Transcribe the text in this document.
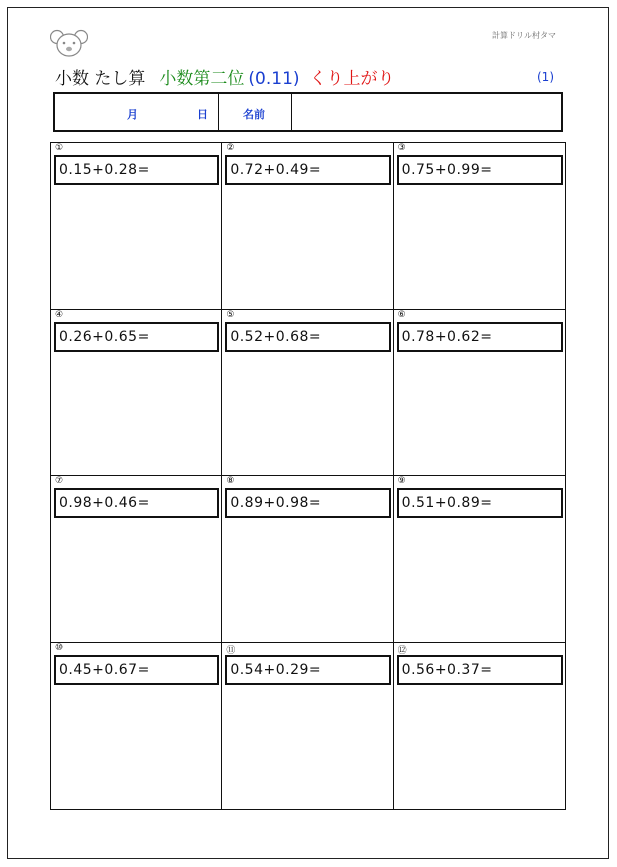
計算ドリル村タマ
小数 たし算 小数第二位 (0.11) くり上がり	(1)
月	日	名前
①
0.15+0.28=
②
0.72+0.49=
③
0.75+0.99=
④
0.26+0.65=
⑤
0.52+0.68=
⑥
0.78+0.62=
⑦
0.98+0.46=
⑧
0.89+0.98=
⑨
0.51+0.89=
⑩
0.45+0.67=
⑪
0.54+0.29=
⑫
0.56+0.37=
